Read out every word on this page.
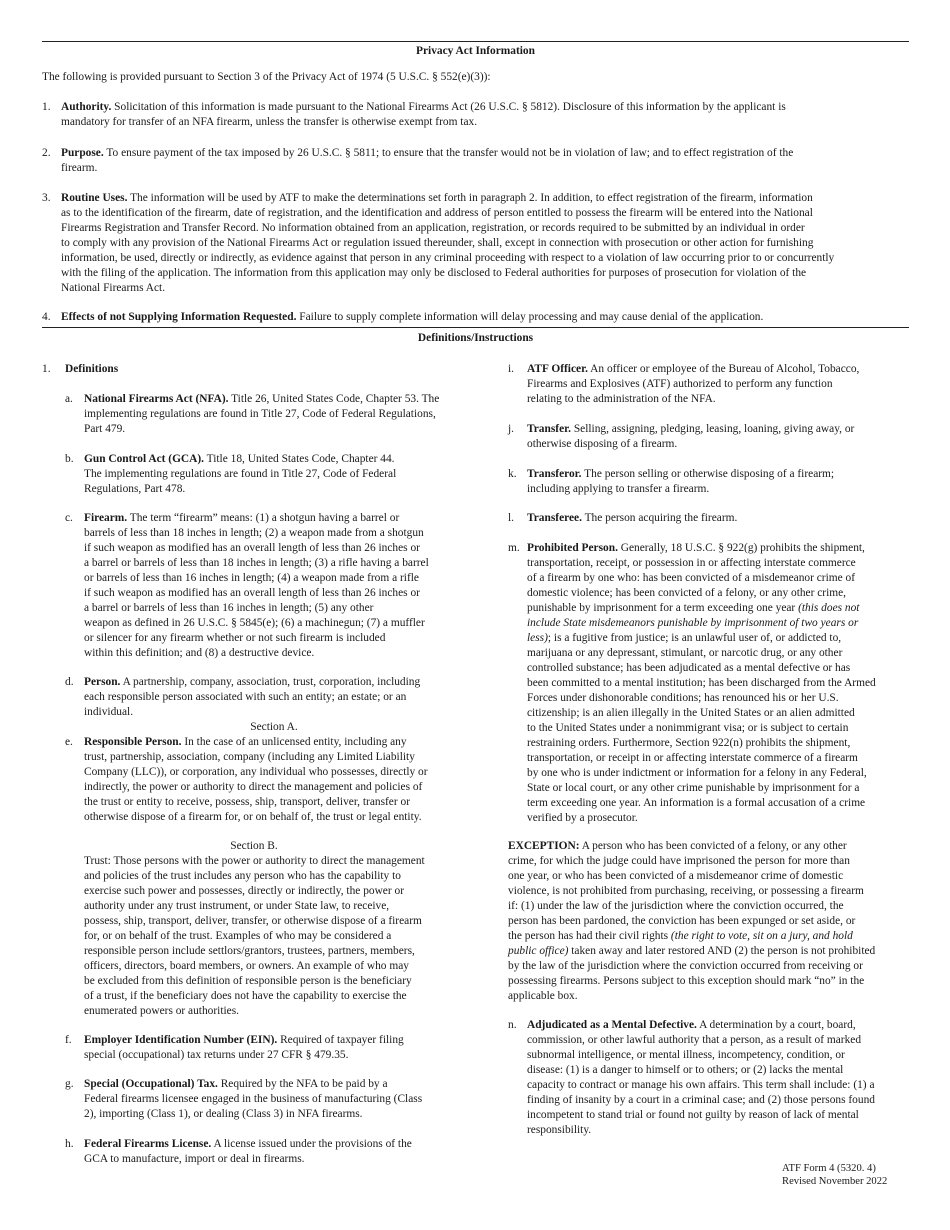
Privacy Act Information
The following is provided pursuant to Section 3 of the Privacy Act of 1974 (5 U.S.C. § 552(e)(3)):
1. Authority. Solicitation of this information is made pursuant to the National Firearms Act (26 U.S.C. § 5812). Disclosure of this information by the applicant is
mandatory for transfer of an NFA firearm, unless the transfer is otherwise exempt from tax.
2. Purpose. To ensure payment of the tax imposed by 26 U.S.C. § 5811; to ensure that the transfer would not be in violation of law; and to effect registration of the
firearm.
3. Routine Uses. The information will be used by ATF to make the determinations set forth in paragraph 2. In addition, to effect registration of the firearm, information
as to the identification of the firearm, date of registration, and the identification and address of person entitled to possess the firearm will be entered into the National
Firearms Registration and Transfer Record. No information obtained from an application, registration, or records required to be submitted by an individual in order
to comply with any provision of the National Firearms Act or regulation issued thereunder, shall, except in connection with prosecution or other action for furnishing
information, be used, directly or indirectly, as evidence against that person in any criminal proceeding with respect to a violation of law occurring prior to or concurrently
with the filing of the application. The information from this application may only be disclosed to Federal authorities for purposes of prosecution for violation of the
National Firearms Act.
4. Effects of not Supplying Information Requested. Failure to supply complete information will delay processing and may cause denial of the application.
Definitions/Instructions
1. Definitions
a. National Firearms Act (NFA). Title 26, United States Code, Chapter 53. The
implementing regulations are found in Title 27, Code of Federal Regulations,
Part 479.
b. Gun Control Act (GCA). Title 18, United States Code, Chapter 44.
The implementing regulations are found in Title 27, Code of Federal
Regulations, Part 478.
c. Firearm. The term “firearm” means: (1) a shotgun having a barrel or
barrels of less than 18 inches in length; (2) a weapon made from a shotgun
if such weapon as modified has an overall length of less than 26 inches or
a barrel or barrels of less than 18 inches in length; (3) a rifle having a barrel
or barrels of less than 16 inches in length; (4) a weapon made from a rifle
if such weapon as modified has an overall length of less than 26 inches or
a barrel or barrels of less than 16 inches in length; (5) any other
weapon as defined in 26 U.S.C. § 5845(e); (6) a machinegun; (7) a muffler
or silencer for any firearm whether or not such firearm is included
within this definition; and (8) a destructive device.
d. Person. A partnership, company, association, trust, corporation, including
each responsible person associated with such an entity; an estate; or an
individual.
Section A.
e. Responsible Person. In the case of an unlicensed entity, including any
trust, partnership, association, company (including any Limited Liability
Company (LLC)), or corporation, any individual who possesses, directly or
indirectly, the power or authority to direct the management and policies of
the trust or entity to receive, possess, ship, transport, deliver, transfer or
otherwise dispose of a firearm for, or on behalf of, the trust or legal entity.
Section B.
Trust: Those persons with the power or authority to direct the management
and policies of the trust includes any person who has the capability to
exercise such power and possesses, directly or indirectly, the power or
authority under any trust instrument, or under State law, to receive,
possess, ship, transport, deliver, transfer, or otherwise dispose of a firearm
for, or on behalf of the trust. Examples of who may be considered a
responsible person include settlors/grantors, trustees, partners, members,
officers, directors, board members, or owners. An example of who may
be excluded from this definition of responsible person is the beneficiary
of a trust, if the beneficiary does not have the capability to exercise the
enumerated powers or authorities.
f. Employer Identification Number (EIN). Required of taxpayer filing
special (occupational) tax returns under 27 CFR § 479.35.
g. Special (Occupational) Tax. Required by the NFA to be paid by a
Federal firearms licensee engaged in the business of manufacturing (Class
2), importing (Class 1), or dealing (Class 3) in NFA firearms.
h. Federal Firearms License. A license issued under the provisions of the
GCA to manufacture, import or deal in firearms.
i. ATF Officer. An officer or employee of the Bureau of Alcohol, Tobacco,
Firearms and Explosives (ATF) authorized to perform any function
relating to the administration of the NFA.
j. Transfer. Selling, assigning, pledging, leasing, loaning, giving away, or
otherwise disposing of a firearm.
k. Transferor. The person selling or otherwise disposing of a firearm;
including applying to transfer a firearm.
l. Transferee. The person acquiring the firearm.
m. Prohibited Person. Generally, 18 U.S.C. § 922(g) prohibits the shipment,
transportation, receipt, or possession in or affecting interstate commerce
of a firearm by one who: has been convicted of a misdemeanor crime of
domestic violence; has been convicted of a felony, or any other crime,
punishable by imprisonment for a term exceeding one year (this does not
include State misdemeanors punishable by imprisonment of two years or
less); is a fugitive from justice; is an unlawful user of, or addicted to,
marijuana or any depressant, stimulant, or narcotic drug, or any other
controlled substance; has been adjudicated as a mental defective or has
been committed to a mental institution; has been discharged from the Armed
Forces under dishonorable conditions; has renounced his or her U.S.
citizenship; is an alien illegally in the United States or an alien admitted
to the United States under a nonimmigrant visa; or is subject to certain
restraining orders. Furthermore, Section 922(n) prohibits the shipment,
transportation, or receipt in or affecting interstate commerce of a firearm
by one who is under indictment or information for a felony in any Federal,
State or local court, or any other crime punishable by imprisonment for a
term exceeding one year. An information is a formal accusation of a crime
verified by a prosecutor.
EXCEPTION: A person who has been convicted of a felony, or any other
crime, for which the judge could have imprisoned the person for more than
one year, or who has been convicted of a misdemeanor crime of domestic
violence, is not prohibited from purchasing, receiving, or possessing a firearm
if: (1) under the law of the jurisdiction where the conviction occurred, the
person has been pardoned, the conviction has been expunged or set aside, or
the person has had their civil rights (the right to vote, sit on a jury, and hold
public office) taken away and later restored AND (2) the person is not prohibited
by the law of the jurisdiction where the conviction occurred from receiving or
possessing firearms. Persons subject to this exception should mark “no” in the
applicable box.
n. Adjudicated as a Mental Defective. A determination by a court, board,
commission, or other lawful authority that a person, as a result of marked
subnormal intelligence, or mental illness, incompetency, condition, or
disease: (1) is a danger to himself or to others; or (2) lacks the mental
capacity to contract or manage his own affairs. This term shall include: (1) a
finding of insanity by a court in a criminal case; and (2) those persons found
incompetent to stand trial or found not guilty by reason of lack of mental
responsibility.
ATF Form 4 (5320. 4)
Revised November 2022
